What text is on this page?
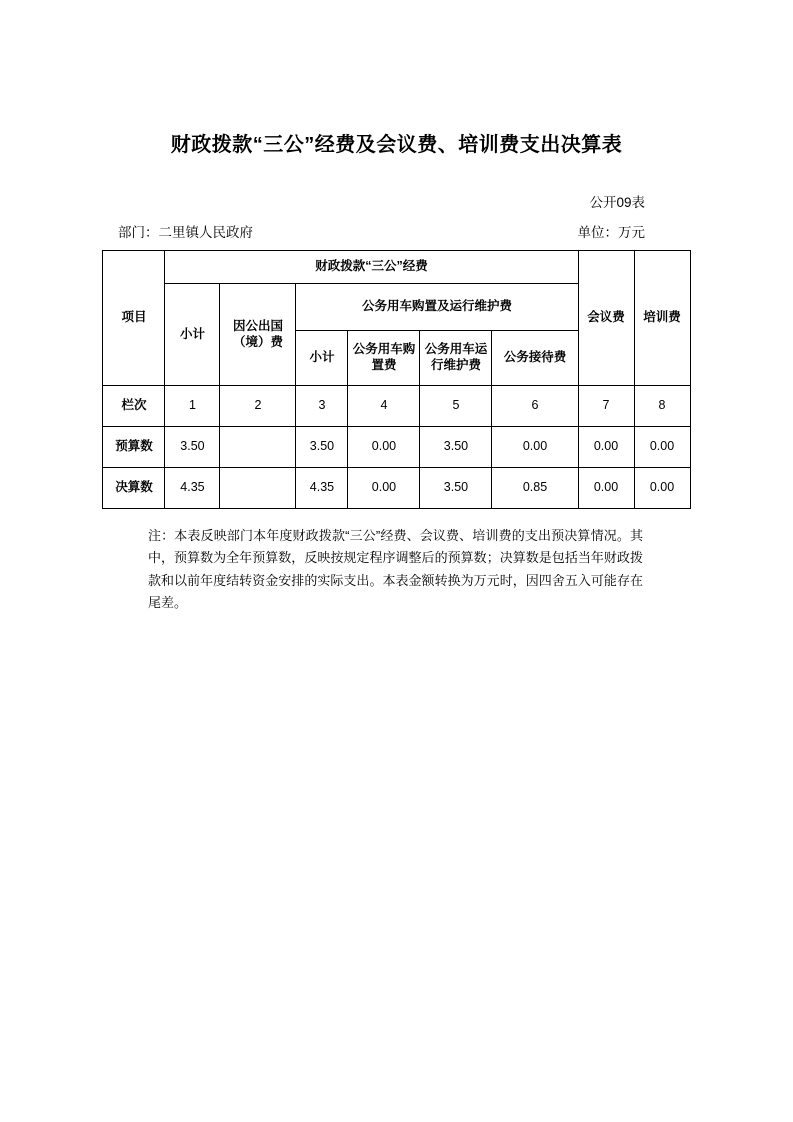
财政拨款“三公”经费及会议费、培训费支出决算表
公开09表
部门：二里镇人民政府	单位：万元
项目	财政拨款“三公”经费						会议费	培训费
	小计	因公出国（境）费	公务用车购置及运行维护费					
			小计	公务用车购置费	公务用车运行维护费	公务接待费		
栏次	1	2	3	4	5	6	7	8
预算数	3.50		3.50	0.00	3.50	0.00	0.00	0.00
决算数	4.35		4.35	0.00	3.50	0.85	0.00	0.00
注：本表反映部门本年度财政拨款“三公”经费、会议费、培训费的支出预决算情况。其中，预算数为全年预算数，反映按规定程序调整后的预算数；决算数是包括当年财政拨款和以前年度结转资金安排的实际支出。本表金额转换为万元时，因四舍五入可能存在尾差。
